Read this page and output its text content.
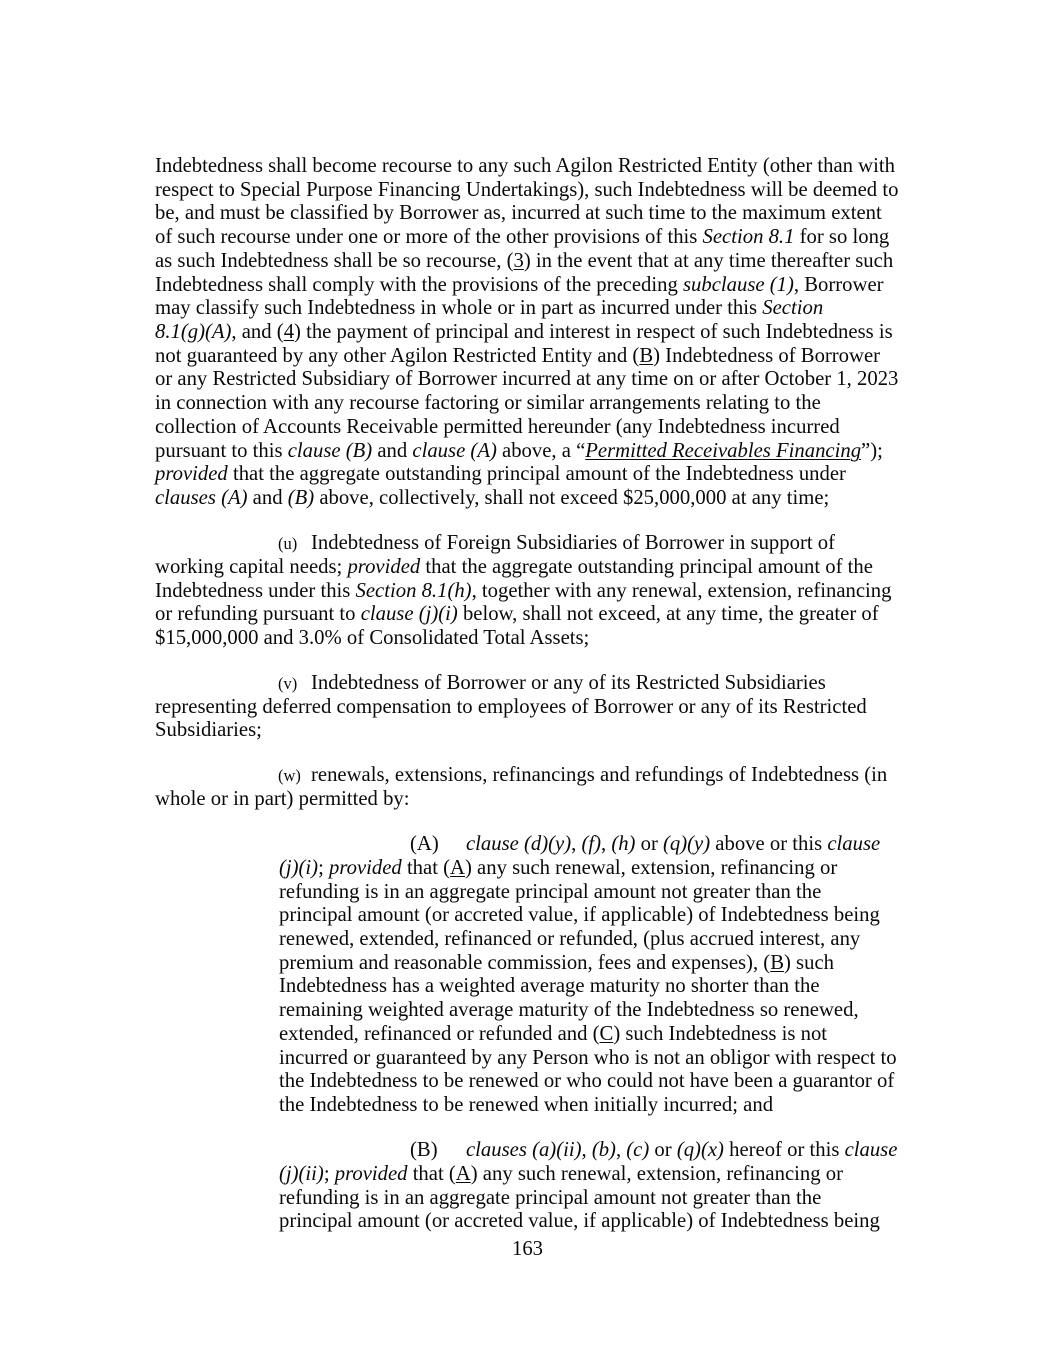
Indebtedness shall become recourse to any such Agilon Restricted Entity (other than with
respect to Special Purpose Financing Undertakings), such Indebtedness will be deemed to
be, and must be classified by Borrower as, incurred at such time to the maximum extent
of such recourse under one or more of the other provisions of this Section 8.1 for so long
as such Indebtedness shall be so recourse, (3) in the event that at any time thereafter such
Indebtedness shall comply with the provisions of the preceding subclause (1), Borrower
may classify such Indebtedness in whole or in part as incurred under this Section
8.1(g)(A), and (4) the payment of principal and interest in respect of such Indebtedness is
not guaranteed by any other Agilon Restricted Entity and (B) Indebtedness of Borrower
or any Restricted Subsidiary of Borrower incurred at any time on or after October 1, 2023
in connection with any recourse factoring or similar arrangements relating to the
collection of Accounts Receivable permitted hereunder (any Indebtedness incurred
pursuant to this clause (B) and clause (A) above, a “Permitted Receivables Financing”);
provided that the aggregate outstanding principal amount of the Indebtedness under
clauses (A) and (B) above, collectively, shall not exceed $25,000,000 at any time;
(u) Indebtedness of Foreign Subsidiaries of Borrower in support of
working capital needs; provided that the aggregate outstanding principal amount of the
Indebtedness under this Section 8.1(h), together with any renewal, extension, refinancing
or refunding pursuant to clause (j)(i) below, shall not exceed, at any time, the greater of
$15,000,000 and 3.0% of Consolidated Total Assets;
(v) Indebtedness of Borrower or any of its Restricted Subsidiaries
representing deferred compensation to employees of Borrower or any of its Restricted
Subsidiaries;
(w) renewals, extensions, refinancings and refundings of Indebtedness (in
whole or in part) permitted by:
(A) clause (d)(y), (f), (h) or (q)(y) above or this clause
(j)(i); provided that (A) any such renewal, extension, refinancing or
refunding is in an aggregate principal amount not greater than the
principal amount (or accreted value, if applicable) of Indebtedness being
renewed, extended, refinanced or refunded, (plus accrued interest, any
premium and reasonable commission, fees and expenses), (B) such
Indebtedness has a weighted average maturity no shorter than the
remaining weighted average maturity of the Indebtedness so renewed,
extended, refinanced or refunded and (C) such Indebtedness is not
incurred or guaranteed by any Person who is not an obligor with respect to
the Indebtedness to be renewed or who could not have been a guarantor of
the Indebtedness to be renewed when initially incurred; and
(B) clauses (a)(ii), (b), (c) or (q)(x) hereof or this clause
(j)(ii); provided that (A) any such renewal, extension, refinancing or
refunding is in an aggregate principal amount not greater than the
principal amount (or accreted value, if applicable) of Indebtedness being
163
